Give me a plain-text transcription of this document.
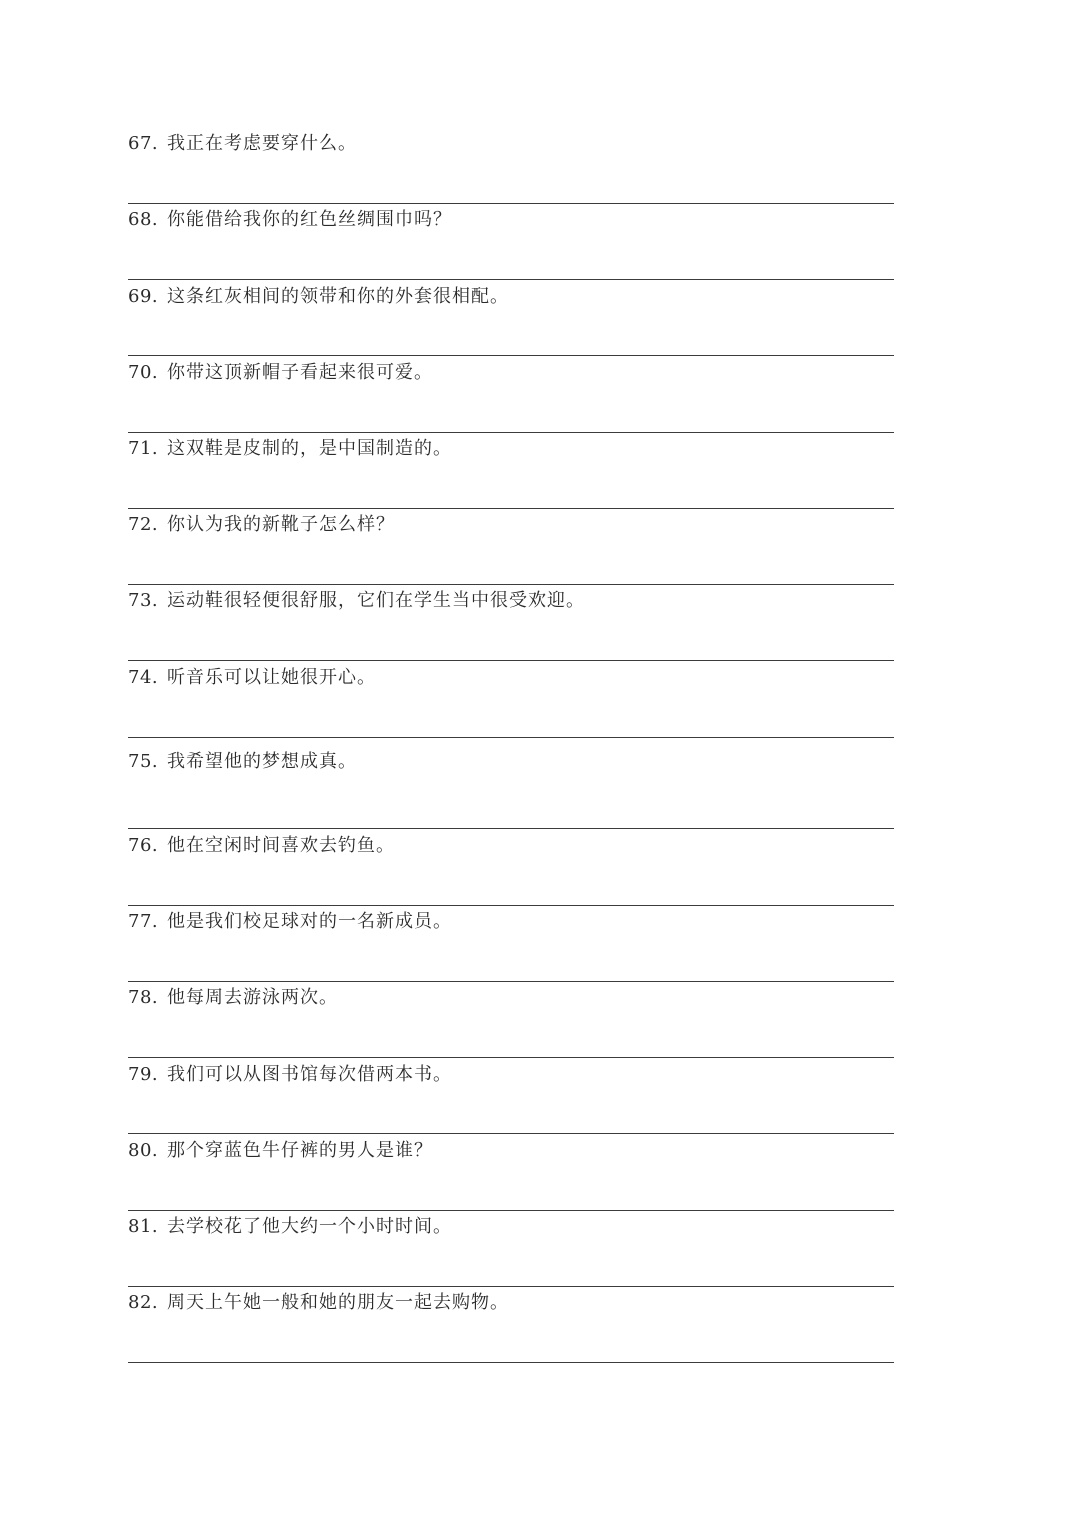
67. 我正在考虑要穿什么。
68. 你能借给我你的红色丝绸围巾吗？
69. 这条红灰相间的领带和你的外套很相配。
70. 你带这顶新帽子看起来很可爱。
71. 这双鞋是皮制的，是中国制造的。
72. 你认为我的新靴子怎么样？
73. 运动鞋很轻便很舒服，它们在学生当中很受欢迎。
74. 听音乐可以让她很开心。
75. 我希望他的梦想成真。
76. 他在空闲时间喜欢去钓鱼。
77. 他是我们校足球对的一名新成员。
78. 他每周去游泳两次。
79. 我们可以从图书馆每次借两本书。
80. 那个穿蓝色牛仔裤的男人是谁？
81. 去学校花了他大约一个小时时间。
82. 周天上午她一般和她的朋友一起去购物。
